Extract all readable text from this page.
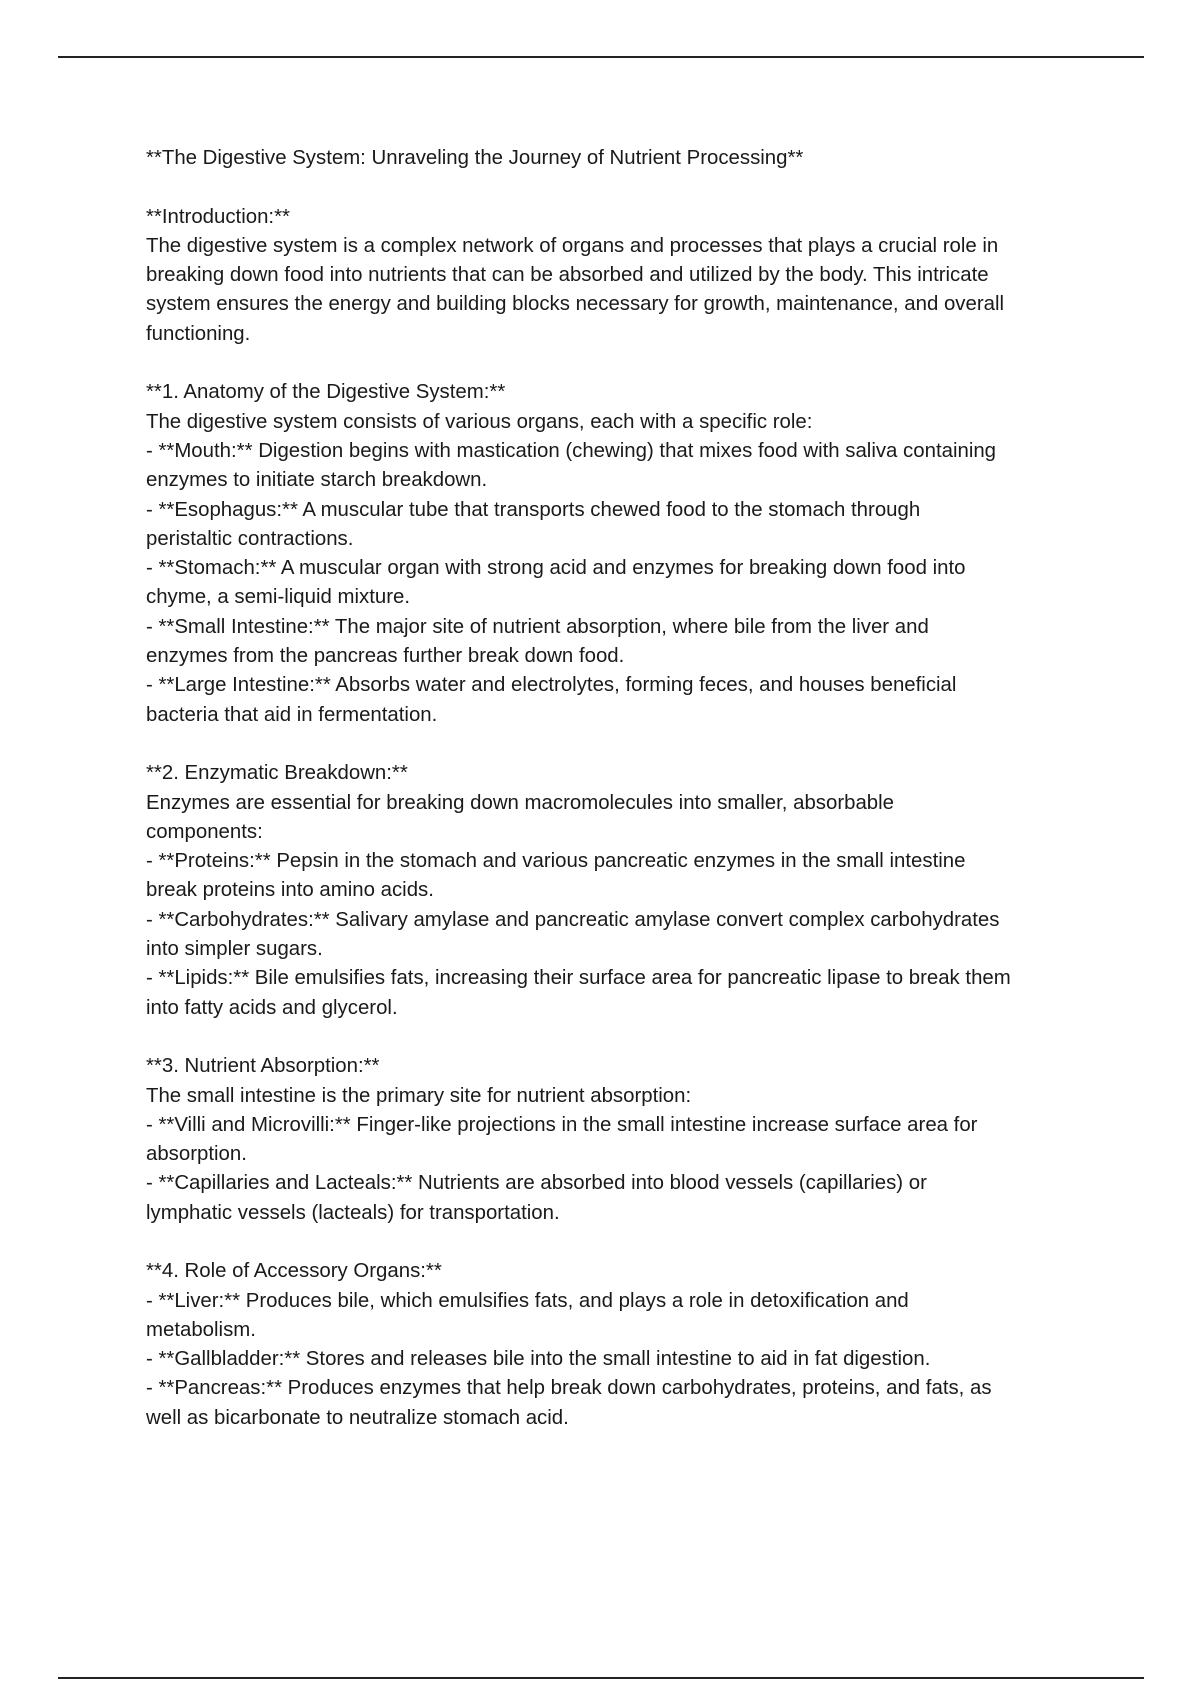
**The Digestive System: Unraveling the Journey of Nutrient Processing**
**Introduction:**
The digestive system is a complex network of organs and processes that plays a crucial role in
breaking down food into nutrients that can be absorbed and utilized by the body. This intricate
system ensures the energy and building blocks necessary for growth, maintenance, and overall
functioning.
**1. Anatomy of the Digestive System:**
The digestive system consists of various organs, each with a specific role:
- **Mouth:** Digestion begins with mastication (chewing) that mixes food with saliva containing
enzymes to initiate starch breakdown.
- **Esophagus:** A muscular tube that transports chewed food to the stomach through
peristaltic contractions.
- **Stomach:** A muscular organ with strong acid and enzymes for breaking down food into
chyme, a semi-liquid mixture.
- **Small Intestine:** The major site of nutrient absorption, where bile from the liver and
enzymes from the pancreas further break down food.
- **Large Intestine:** Absorbs water and electrolytes, forming feces, and houses beneficial
bacteria that aid in fermentation.
**2. Enzymatic Breakdown:**
Enzymes are essential for breaking down macromolecules into smaller, absorbable
components:
- **Proteins:** Pepsin in the stomach and various pancreatic enzymes in the small intestine
break proteins into amino acids.
- **Carbohydrates:** Salivary amylase and pancreatic amylase convert complex carbohydrates
into simpler sugars.
- **Lipids:** Bile emulsifies fats, increasing their surface area for pancreatic lipase to break them
into fatty acids and glycerol.
**3. Nutrient Absorption:**
The small intestine is the primary site for nutrient absorption:
- **Villi and Microvilli:** Finger-like projections in the small intestine increase surface area for
absorption.
- **Capillaries and Lacteals:** Nutrients are absorbed into blood vessels (capillaries) or
lymphatic vessels (lacteals) for transportation.
**4. Role of Accessory Organs:**
- **Liver:** Produces bile, which emulsifies fats, and plays a role in detoxification and
metabolism.
- **Gallbladder:** Stores and releases bile into the small intestine to aid in fat digestion.
- **Pancreas:** Produces enzymes that help break down carbohydrates, proteins, and fats, as
well as bicarbonate to neutralize stomach acid.
